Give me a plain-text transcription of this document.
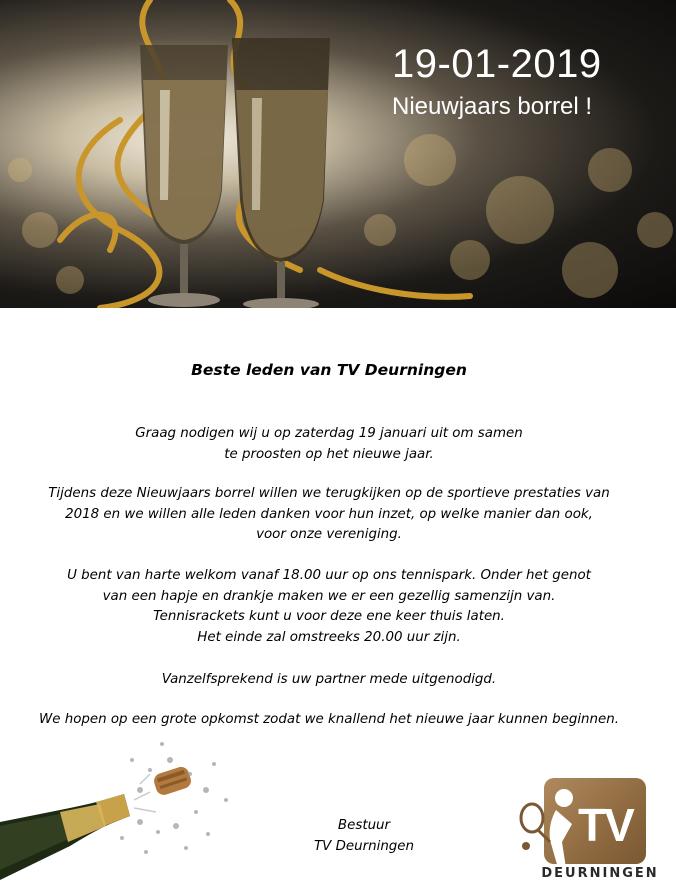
19-01-2019
Nieuwjaars borrel !
Beste leden van TV Deurningen
Graag nodigen wij u op zaterdag 19 januari uit om samen
te proosten op het nieuwe jaar.
Tijdens deze Nieuwjaars borrel willen we terugkijken op de sportieve prestaties van
2018 en we willen alle leden danken voor hun inzet, op welke manier dan ook,
voor onze vereniging.
U bent van harte welkom vanaf 18.00 uur op ons tennispark. Onder het genot
van een hapje en drankje maken we er een gezellig samenzijn van.
Tennisrackets kunt u voor deze ene keer thuis laten.
Het einde zal omstreeks 20.00 uur zijn.
Vanzelfsprekend is uw partner mede uitgenodigd.
We hopen op een grote opkomst zodat we knallend het nieuwe jaar kunnen beginnen.
Bestuur
TV Deurningen	TV
DEURNINGEN
